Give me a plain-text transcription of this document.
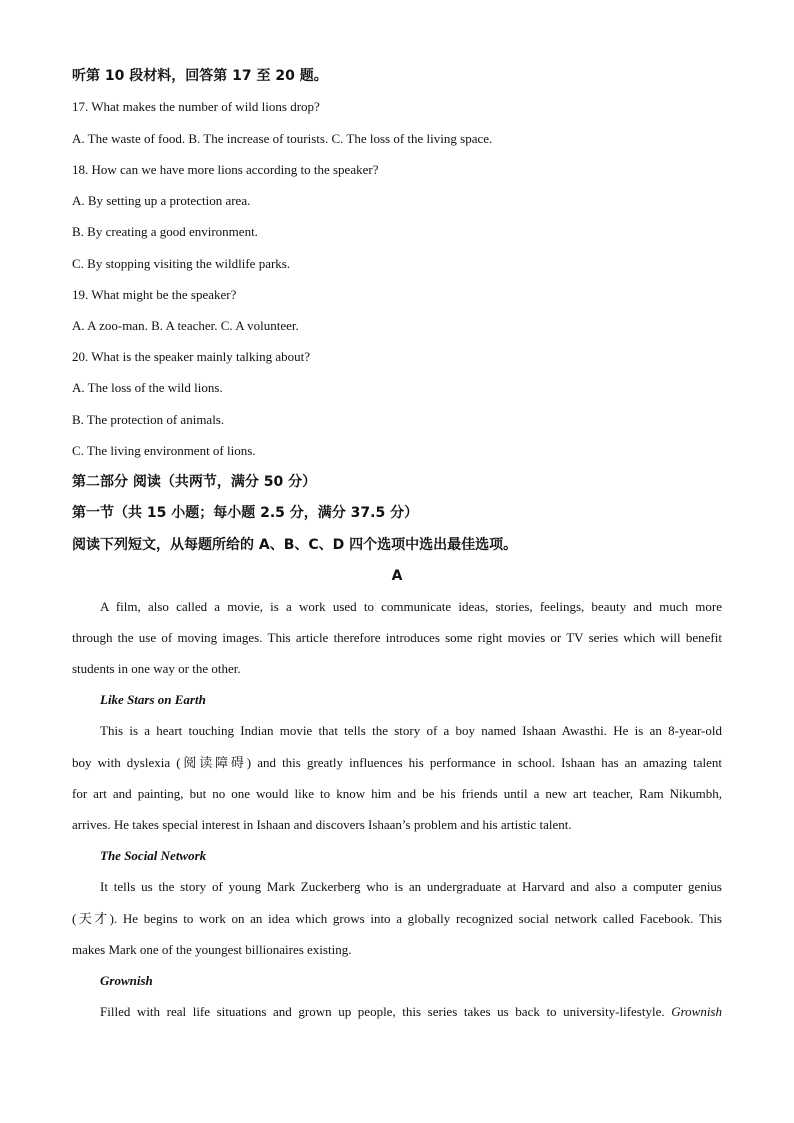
听第 10 段材料，回答第 17 至 20 题。
17. What makes the number of wild lions drop?
A. The waste of food. B. The increase of tourists. C. The loss of the living space.
18. How can we have more lions according to the speaker?
A. By setting up a protection area.
B. By creating a good environment.
C. By stopping visiting the wildlife parks.
19. What might be the speaker?
A. A zoo-man. B. A teacher. C. A volunteer.
20. What is the speaker mainly talking about?
A. The loss of the wild lions.
B. The protection of animals.
C. The living environment of lions.
第二部分 阅读（共两节，满分 50 分）
第一节（共 15 小题；每小题 2.5 分，满分 37.5 分）
阅读下列短文，从每题所给的 A、B、C、D 四个选项中选出最佳选项。
A
A film, also called a movie, is a work used to communicate ideas, stories, feelings, beauty and much more
through the use of moving images. This article therefore introduces some right movies or TV series which will benefit
students in one way or the other.
Like Stars on Earth
This is a heart touching Indian movie that tells the story of a boy named Ishaan Awasthi. He is an 8-year-old
boy with dyslexia (阅读障碍) and this greatly influences his performance in school. Ishaan has an amazing talent
for art and painting, but no one would like to know him and be his friends until a new art teacher, Ram Nikumbh,
arrives. He takes special interest in Ishaan and discovers Ishaan’s problem and his artistic talent.
The Social Network
It tells us the story of young Mark Zuckerberg who is an undergraduate at Harvard and also a computer genius
(天才). He begins to work on an idea which grows into a globally recognized social network called Facebook. This
makes Mark one of the youngest billionaires existing.
Grownish
Filled with real life situations and grown up people, this series takes us back to university-lifestyle. Grownish
